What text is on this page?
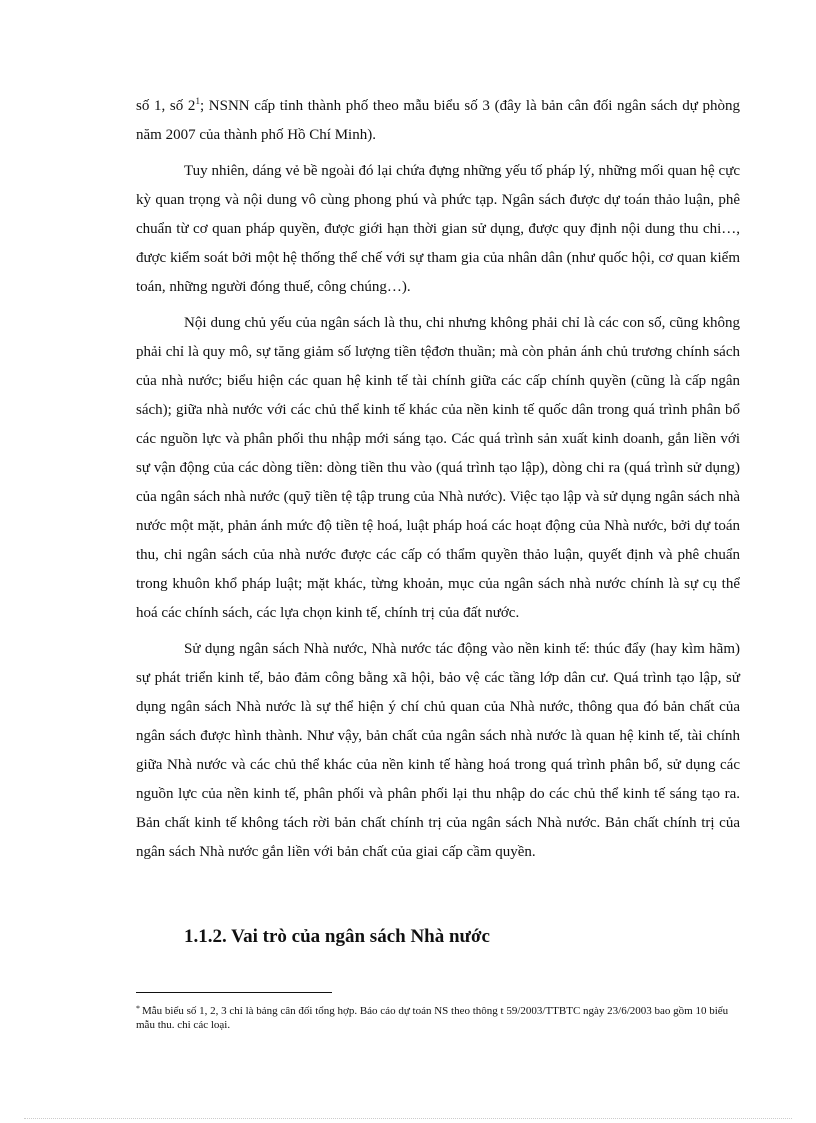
số 1, số $2^1$; NSNN cấp tỉnh thành phố theo mẫu biểu số 3 (đây là bản cân đối ngân sách dự phòng năm 2007 của thành phố Hồ Chí Minh).

Tuy nhiên, dáng vẻ bề ngoài đó lại chứa đựng những yếu tố pháp lý, những mối quan hệ cực kỳ quan trọng và nội dung vô cùng phong phú và phức tạp. Ngân sách được dự toán thảo luận, phê chuẩn từ cơ quan pháp quyền, được giới hạn thời gian sử dụng, được quy định nội dung thu chi…, được kiểm soát bởi một hệ thống thể chế với sự tham gia của nhân dân (như quốc hội, cơ quan kiểm toán, những người đóng thuế, công chúng…).

Nội dung chủ yếu của ngân sách là thu, chi nhưng không phải chỉ là các con số, cũng không phải chỉ là quy mô, sự tăng giảm số lượng tiền tệđơn thuần; mà còn phản ánh chủ trương chính sách của nhà nước; biểu hiện các quan hệ kinh tế tài chính giữa các cấp chính quyền (cũng là cấp ngân sách); giữa nhà nước với các chủ thể kinh tế khác của nền kinh tế quốc dân trong quá trình phân bổ các nguồn lực và phân phối thu nhập mới sáng tạo. Các quá trình sản xuất kinh doanh, gắn liền với sự vận động của các dòng tiền: dòng tiền thu vào (quá trình tạo lập), dòng chi ra (quá trình sử dụng) của ngân sách nhà nước (quỹ tiền tệ tập trung của Nhà nước). Việc tạo lập và sử dụng ngân sách nhà nước một mặt, phản ánh mức độ tiền tệ hoá, luật pháp hoá các hoạt động của Nhà nước, bởi dự toán thu, chi ngân sách của nhà nước được các cấp có thẩm quyền thảo luận, quyết định và phê chuẩn trong khuôn khổ pháp luật; mặt khác, từng khoản, mục của ngân sách nhà nước chính là sự cụ thể hoá các chính sách, các lựa chọn kinh tế, chính trị của đất nước.

Sử dụng ngân sách Nhà nước, Nhà nước tác động vào nền kinh tế: thúc đẩy (hay kìm hãm) sự phát triển kinh tế, bảo đảm công bằng xã hội, bảo vệ các tầng lớp dân cư. Quá trình tạo lập, sử dụng ngân sách Nhà nước là sự thể hiện ý chí chủ quan của Nhà nước, thông qua đó bản chất của ngân sách được hình thành. Như vậy, bản chất của ngân sách nhà nước là quan hệ kinh tế, tài chính giữa Nhà nước và các chủ thể khác của nền kinh tế hàng hoá trong quá trình phân bổ, sử dụng các nguồn lực của nền kinh tế, phân phối và phân phối lại thu nhập do các chủ thể kinh tế sáng tạo ra. Bản chất kinh tế không tách rời bản chất chính trị của ngân sách Nhà nước. Bản chất chính trị của ngân sách Nhà nước gắn liền với bản chất của giai cấp cầm quyền.

1.1.2. Vai trò của ngân sách Nhà nước

* Mẫu biểu số 1, 2, 3 chỉ là bảng cân đối tổng hợp. Báo cáo dự toán NS theo thông t 59/2003/TTBTC ngày 23/6/2003 bao gồm 10 biểu mẫu thu. chi các loại.
